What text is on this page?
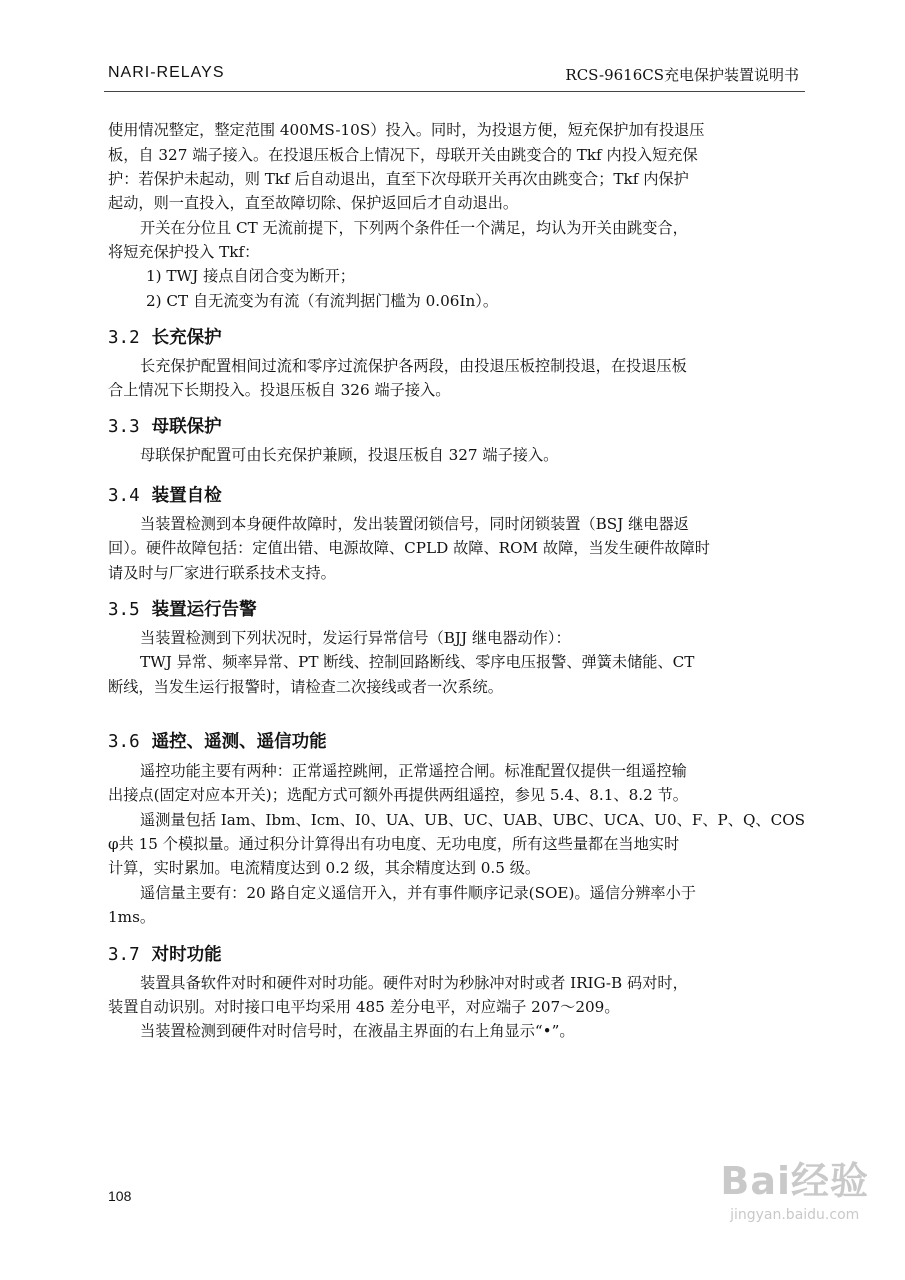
NARI-RELAYS	RCS-9616CS充电保护装置说明书
使用情况整定，整定范围 400MS-10S）投入。同时，为投退方便，短充保护加有投退压
板，自 327 端子接入。在投退压板合上情况下，母联开关由跳变合的 Tkf 内投入短充保
护：若保护未起动，则 Tkf 后自动退出，直至下次母联开关再次由跳变合；Tkf 内保护
起动，则一直投入，直至故障切除、保护返回后才自动退出。
开关在分位且 CT 无流前提下，下列两个条件任一个满足，均认为开关由跳变合，
将短充保护投入 Tkf：
1) TWJ 接点自闭合变为断开；
2) CT 自无流变为有流（有流判据门槛为 0.06In）。
3.2 长充保护
长充保护配置相间过流和零序过流保护各两段，由投退压板控制投退，在投退压板
合上情况下长期投入。投退压板自 326 端子接入。
3.3 母联保护
母联保护配置可由长充保护兼顾，投退压板自 327 端子接入。
3.4 装置自检
当装置检测到本身硬件故障时，发出装置闭锁信号，同时闭锁装置（BSJ 继电器返
回）。硬件故障包括：定值出错、电源故障、CPLD 故障、ROM 故障，当发生硬件故障时
请及时与厂家进行联系技术支持。
3.5 装置运行告警
当装置检测到下列状况时，发运行异常信号（BJJ 继电器动作）：
TWJ 异常、频率异常、PT 断线、控制回路断线、零序电压报警、弹簧未储能、CT
断线，当发生运行报警时，请检查二次接线或者一次系统。
3.6 遥控、遥测、遥信功能
遥控功能主要有两种：正常遥控跳闸，正常遥控合闸。标准配置仅提供一组遥控输
出接点(固定对应本开关)；选配方式可额外再提供两组遥控，参见 5.4、8.1、8.2 节。
遥测量包括 Iam、Ibm、Icm、I0、UA、UB、UC、UAB、UBC、UCA、U0、F、P、Q、COS
φ共 15 个模拟量。通过积分计算得出有功电度、无功电度，所有这些量都在当地实时
计算，实时累加。电流精度达到 0.2 级，其余精度达到 0.5 级。
遥信量主要有：20 路自定义遥信开入，并有事件顺序记录(SOE)。遥信分辨率小于
1ms。
3.7 对时功能
装置具备软件对时和硬件对时功能。硬件对时为秒脉冲对时或者 IRIG-B 码对时，
装置自动识别。对时接口电平均采用 485 差分电平，对应端子 207～209。
当装置检测到硬件对时信号时，在液晶主界面的右上角显示“•”。
108	Bai经验
jingyan.baidu.com
